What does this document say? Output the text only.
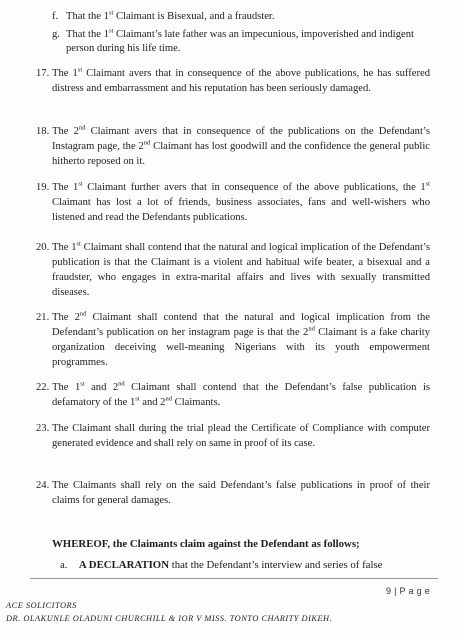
f. That the 1st Claimant is Bisexual, and a fraudster.
g. That the 1st Claimant’s late father was an impecunious, impoverished and indigent person during his life time.
17. The 1st Claimant avers that in consequence of the above publications, he has suffered distress and embarrassment and his reputation has been seriously damaged.
18. The 2nd Claimant avers that in consequence of the publications on the Defendant’s Instagram page, the 2nd Claimant has lost goodwill and the confidence the general public hitherto reposed on it.
19. The 1st Claimant further avers that in consequence of the above publications, the 1st Claimant has lost a lot of friends, business associates, fans and well-wishers who listened and read the Defendants publications.
20. The 1st Claimant shall contend that the natural and logical implication of the Defendant’s publication is that the Claimant is a violent and habitual wife beater, a bisexual and a fraudster, who engages in extra-marital affairs and lives with sexually transmitted diseases.
21. The 2nd Claimant shall contend that the natural and logical implication from the Defendant’s publication on her instagram page is that the 2nd Claimant is a fake charity organization deceiving well-meaning Nigerians with its youth empowerment programmes.
22. The 1st and 2nd Claimant shall contend that the Defendant’s false publication is defamatory of the 1st and 2nd Claimants.
23. The Claimant shall during the trial plead the Certificate of Compliance with computer generated evidence and shall rely on same in proof of its case.
24. The Claimants shall rely on the said Defendant’s false publications in proof of their claims for general damages.
WHEREOF, the Claimants claim against the Defendant as follows;
a. A DECLARATION that the Defendant’s interview and series of false
9 | P a g e
ACE SOLICITORS
DR. OLAKUNLE OLADUNI CHURCHILL & IOR V MISS. TONTO CHARITY DIKEH.
